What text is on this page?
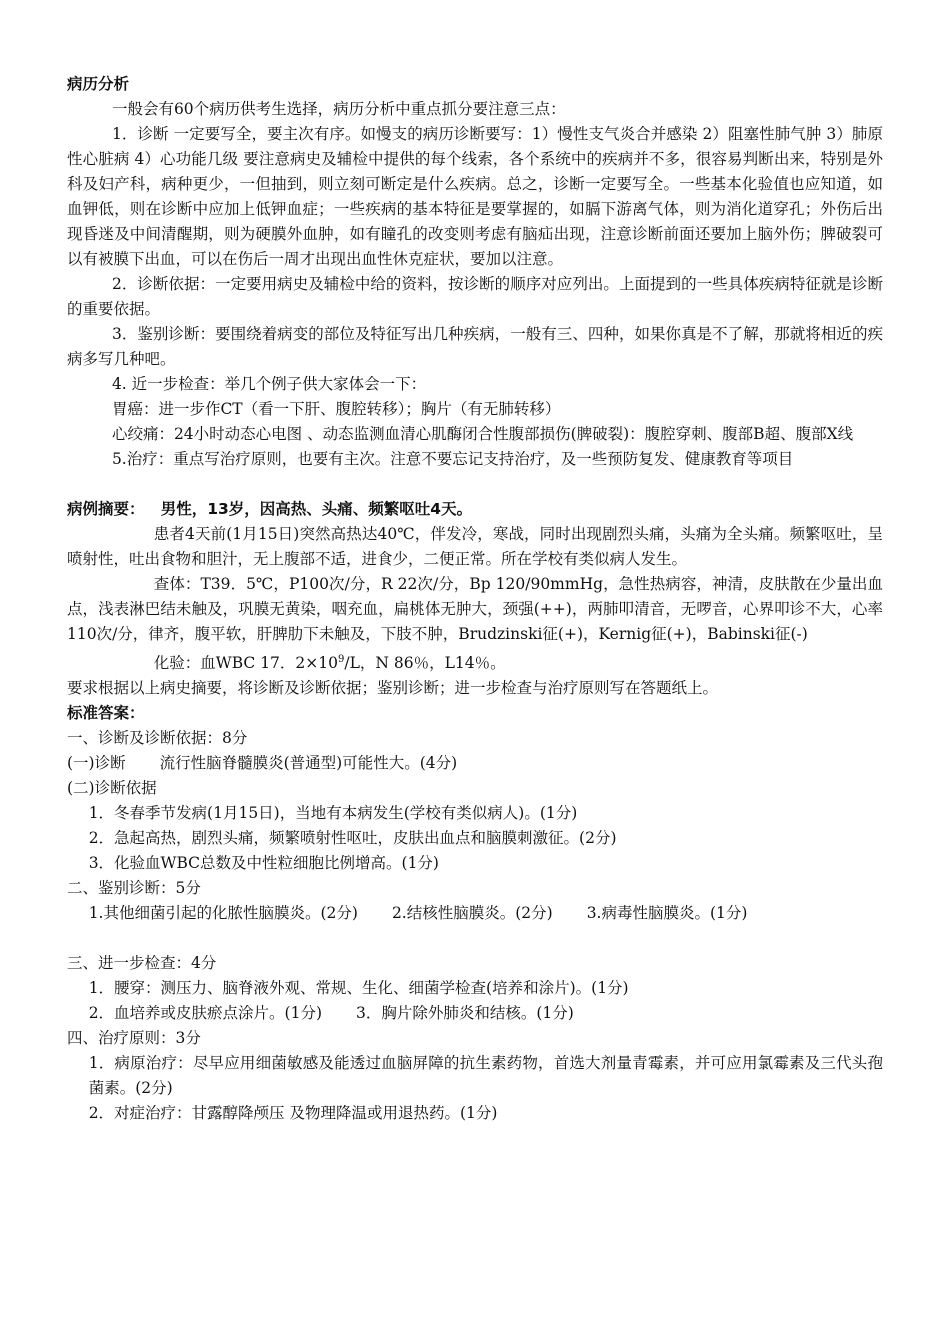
病历分析

一般会有60个病历供考生选择，病历分析中重点抓分要注意三点：

1．诊断 一定要写全，要主次有序。如慢支的病历诊断要写：1）慢性支气炎合并感染 2）阻塞性肺气肿 3）肺原性心脏病 4）心功能几级 要注意病史及辅检中提供的每个线索，各个系统中的疾病并不多，很容易判断出来，特别是外科及妇产科，病种更少，一但抽到，则立刻可断定是什么疾病。总之，诊断一定要写全。一些基本化验值也应知道，如血钾低，则在诊断中应加上低钾血症；一些疾病的基本特征是要掌握的，如膈下游离气体，则为消化道穿孔；外伤后出现昏迷及中间清醒期，则为硬膜外血肿，如有瞳孔的改变则考虑有脑疝出现，注意诊断前面还要加上脑外伤；脾破裂可以有被膜下出血，可以在伤后一周才出现出血性休克症状，要加以注意。

2．诊断依据：一定要用病史及辅检中给的资料，按诊断的顺序对应列出。上面提到的一些具体疾病特征就是诊断的重要依据。

3．鉴别诊断：要围绕着病变的部位及特征写出几种疾病，一般有三、四种，如果你真是不了解，那就将相近的疾病多写几种吧。

4. 近一步检查：举几个例子供大家体会一下：

胃癌：进一步作CT（看一下肝、腹腔转移）；胸片（有无肺转移）

心绞痛：24小时动态心电图 、动态监测血清心肌酶闭合性腹部损伤(脾破裂)：腹腔穿刺、腹部B超、腹部X线

5.治疗：重点写治疗原则，也要有主次。注意不要忘记支持治疗，及一些预防复发、健康教育等项目

病例摘要： 男性，13岁，因高热、头痛、频繁呕吐4天。

患者4天前(1月15日)突然高热达40℃，伴发冷，寒战，同时出现剧烈头痛，头痛为全头痛。频繁呕吐，呈喷射性，吐出食物和胆汁，无上腹部不适，进食少，二便正常。所在学校有类似病人发生。

查体：T39．5℃，P100次/分，R 22次/分，Bp 120/90mmHg，急性热病容，神清，皮肤散在少量出血点，浅表淋巴结未触及，巩膜无黄染，咽充血，扁桃体无肿大，颈强(++)，两肺叩清音，无啰音，心界叩诊不大，心率110次/分，律齐，腹平软，肝脾肋下未触及，下肢不肿，Brudzinski征(+)，Kernig征(+)，Babinski征(-)

化验：血WBC 17．$2\times 10^9/L$，N 86％，L14％。

要求根据以上病史摘要，将诊断及诊断依据；鉴别诊断；进一步检查与治疗原则写在答题纸上。

标准答案：

一、诊断及诊断依据：8分

(一)诊断 流行性脑脊髓膜炎(普通型)可能性大。(4分)

(二)诊断依据

1．冬春季节发病(1月15日)，当地有本病发生(学校有类似病人)。(1分)

2．急起高热，剧烈头痛，频繁喷射性呕吐，皮肤出血点和脑膜刺激征。(2分)

3．化验血WBC总数及中性粒细胞比例增高。(1分)

二、鉴别诊断：5分

1.其他细菌引起的化脓性脑膜炎。(2分) 2.结核性脑膜炎。(2分) 3.病毒性脑膜炎。(1分)

三、进一步检查：4分

1．腰穿：测压力、脑脊液外观、常规、生化、细菌学检查(培养和涂片)。(1分)

2．血培养或皮肤瘀点涂片。(1分) 3．胸片除外肺炎和结核。(1分)

四、治疗原则：3分

1．病原治疗：尽早应用细菌敏感及能透过血脑屏障的抗生素药物，首选大剂量青霉素，并可应用氯霉素及三代头孢菌素。(2分)

2．对症治疗：甘露醇降颅压 及物理降温或用退热药。(1分)
